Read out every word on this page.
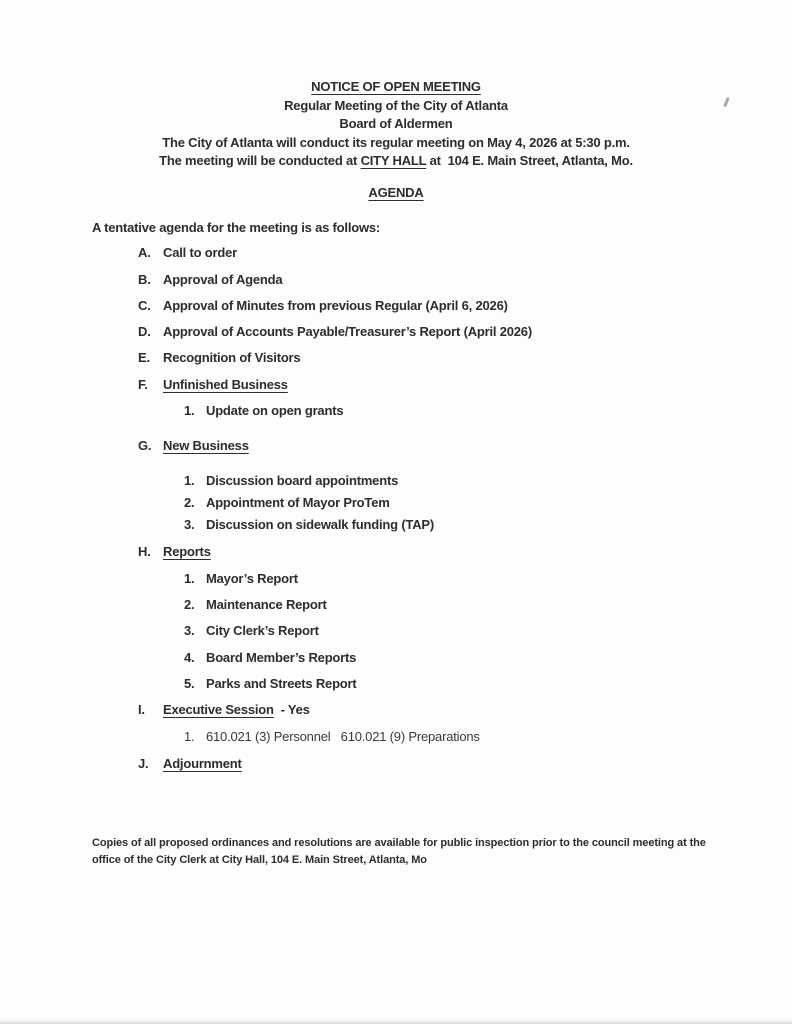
NOTICE OF OPEN MEETING
Regular Meeting of the City of Atlanta
Board of Aldermen
The City of Atlanta will conduct its regular meeting on May 4, 2026 at 5:30 p.m.
The meeting will be conducted at CITY HALL at  104 E. Main Street, Atlanta, Mo.
AGENDA
A tentative agenda for the meeting is as follows:
A. Call to order
B. Approval of Agenda
C. Approval of Minutes from previous Regular (April 6, 2026)
D. Approval of Accounts Payable/Treasurer’s Report (April 2026)
E.	Recognition of Visitors
F.	Unfinished Business
1. Update on open grants
G. New Business
1. Discussion board appointments
2. Appointment of Mayor ProTem
3. Discussion on sidewalk funding (TAP)
H. Reports
1. Mayor’s Report
2. Maintenance Report
3. City Clerk’s Report
4. Board Member’s Reports
5. Parks and Streets Report
I.	Executive Session  - Yes
1. 610.021 (3) Personnel   610.021 (9) Preparations
J.	Adjournment
Copies of all proposed ordinances and resolutions are available for public inspection prior to the council meeting at the office of the City Clerk at City Hall, 104 E. Main Street, Atlanta, Mo
